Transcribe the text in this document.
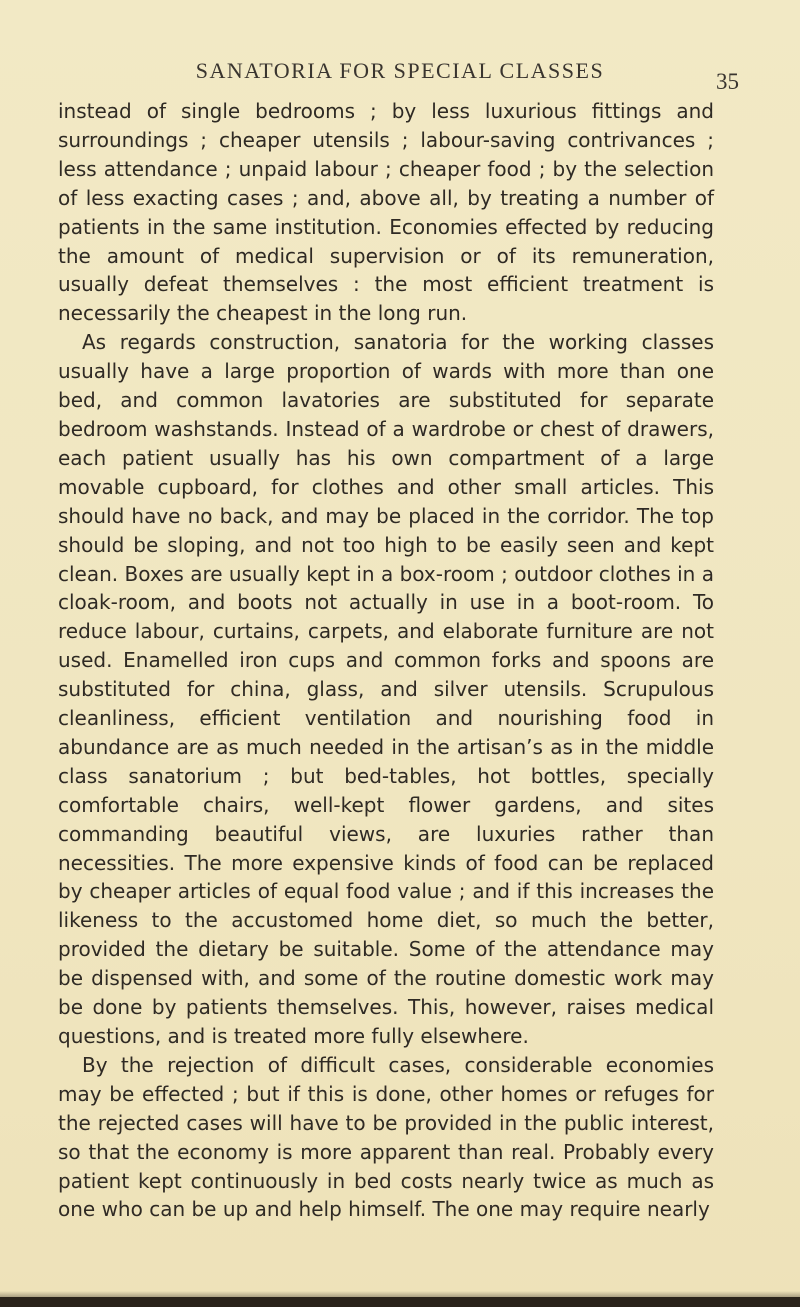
SANATORIA FOR SPECIAL CLASSES	35

instead of single bedrooms ; by less luxurious fittings and surroundings ; cheaper utensils ; labour-saving contrivances ; less attendance ; unpaid labour ; cheaper food ; by the selection of less exacting cases ; and, above all, by treating a number of patients in the same institution. Economies effected by reducing the amount of medical supervision or of its remuneration, usually defeat themselves : the most efficient treatment is necessarily the cheapest in the long run.

As regards construction, sanatoria for the working classes usually have a large proportion of wards with more than one bed, and common lavatories are substituted for separate bedroom washstands. Instead of a wardrobe or chest of drawers, each patient usually has his own compartment of a large movable cupboard, for clothes and other small articles. This should have no back, and may be placed in the corridor. The top should be sloping, and not too high to be easily seen and kept clean. Boxes are usually kept in a box-room ; outdoor clothes in a cloak-room, and boots not actually in use in a boot-room. To reduce labour, curtains, carpets, and elaborate furniture are not used. Enamelled iron cups and common forks and spoons are substituted for china, glass, and silver utensils. Scrupulous cleanliness, efficient ventilation and nourishing food in abundance are as much needed in the artisan’s as in the middle class sanatorium ; but bed-tables, hot bottles, specially comfortable chairs, well-kept flower gardens, and sites commanding beautiful views, are luxuries rather than necessities. The more expensive kinds of food can be replaced by cheaper articles of equal food value ; and if this increases the likeness to the accustomed home diet, so much the better, provided the dietary be suitable. Some of the attendance may be dispensed with, and some of the routine domestic work may be done by patients themselves. This, however, raises medical questions, and is treated more fully elsewhere.

By the rejection of difficult cases, considerable economies may be effected ; but if this is done, other homes or refuges for the rejected cases will have to be provided in the public interest, so that the economy is more apparent than real. Probably every patient kept continuously in bed costs nearly twice as much as one who can be up and help himself. The one may require nearly
